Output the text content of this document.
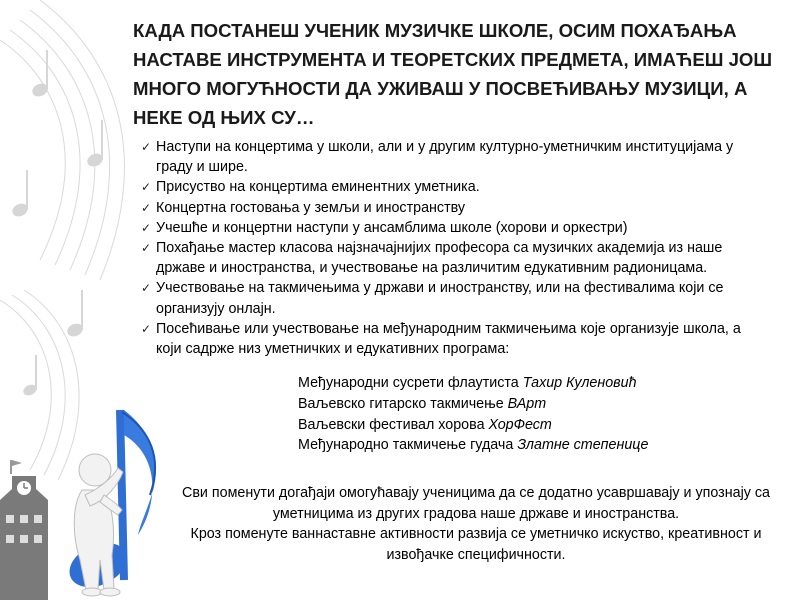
КАДА ПОСТАНЕШ УЧЕНИК МУЗИЧКЕ ШКОЛЕ, ОСИМ ПОХАЂАЊА НАСТАВЕ ИНСТРУМЕНТА И ТЕОРЕТСКИХ ПРЕДМЕТА, ИМАЋЕШ ЈОШ МНОГО МОГУЋНОСТИ ДА УЖИВАШ У ПОСВЕЋИВАЊУ МУЗИЦИ, А НЕКЕ ОД ЊИХ СУ…
✓ Наступи на концертима у школи, али и у другим културно-уметничким институцијама у граду и шире.
✓ Присуство на концертима еминентних уметника.
✓ Концертна гостовања у земљи и иностранству
✓ Учешће и концертни наступи у ансамблима школе (хорови и оркестри)
✓ Похађање мастер класова најзначајнијих професора са музичких академија из наше државе и иностранства, и учествовање на различитим едукативним радионицама.
✓ Учествовање на такмичењима у држави и иностранству, или на фестивалима који се организују онлајн.
✓ Посећивање или учествовање на међународним такмичењима које организује школа, а који садрже низ уметничких и едукативних програма:
Међународни сусрети флаутиста Тахир Куленовић
Ваљевско гитарско такмичење ВАрт
Ваљевски фестивал хорова ХорФест
Међународно такмичење гудача Златне степенице

Сви поменути догађаји омогућавају ученицима да се додатно усавршавају и упознају са уметницима из других градова наше државе и иностранства.

Кроз поменуте ваннаставне активности развија се уметничко искуство, креативност и извођачке специфичности.
